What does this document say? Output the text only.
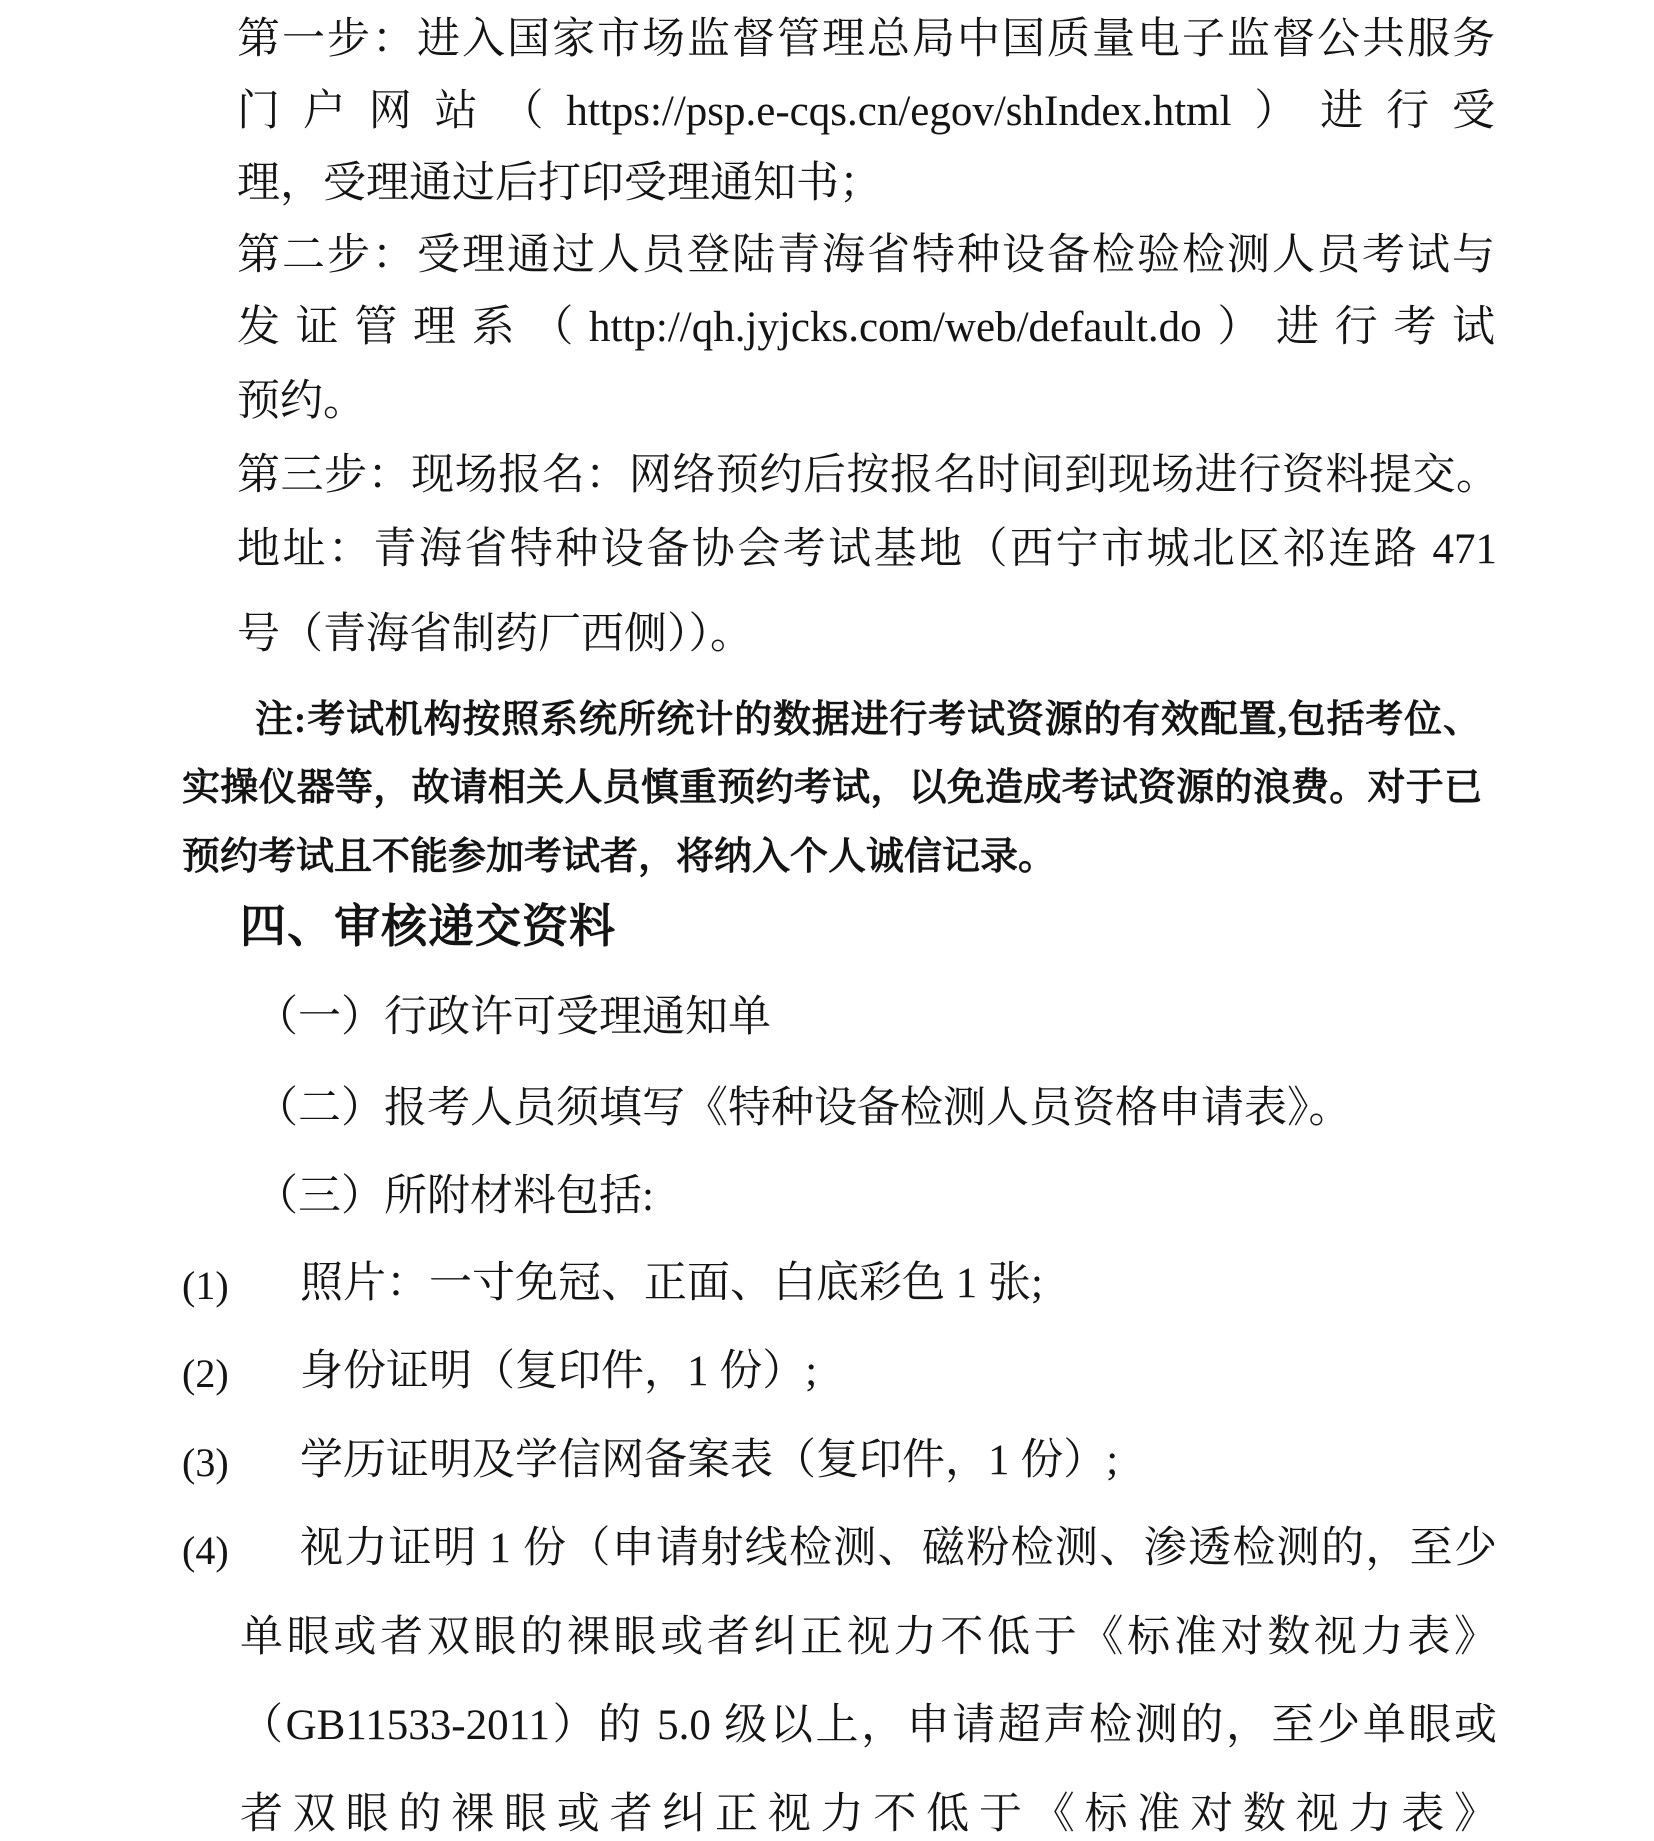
第一步：进入国家市场监督管理总局中国质量电子监督公共服务
门户网站（https://psp.e-cqs.cn/egov/shIndex.html）进行受
理，受理通过后打印受理通知书；
第二步：受理通过人员登陆青海省特种设备检验检测人员考试与
发证管理系（http://qh.jyjcks.com/web/default.do）进行考试
预约。
第三步：现场报名：网络预约后按报名时间到现场进行资料提交。
地址：青海省特种设备协会考试基地（西宁市城北区祁连路 471
号（青海省制药厂西侧））。
注:考试机构按照系统所统计的数据进行考试资源的有效配置,包括考位、
实操仪器等，故请相关人员慎重预约考试，以免造成考试资源的浪费。对于已
预约考试且不能参加考试者，将纳入个人诚信记录。
四、审核递交资料
（一）行政许可受理通知单
（二）报考人员须填写《特种设备检测人员资格申请表》。
（三）所附材料包括:
(1) 照片：一寸免冠、正面、白底彩色 1 张;
(2) 身份证明（复印件，1 份）;
(3) 学历证明及学信网备案表（复印件，1 份）;
(4) 视力证明 1 份（申请射线检测、磁粉检测、渗透检测的，至少
单眼或者双眼的裸眼或者纠正视力不低于《标准对数视力表》
（GB11533-2011）的 5.0 级以上，申请超声检测的，至少单眼或
者双眼的裸眼或者纠正视力不低于《标准对数视力表》
